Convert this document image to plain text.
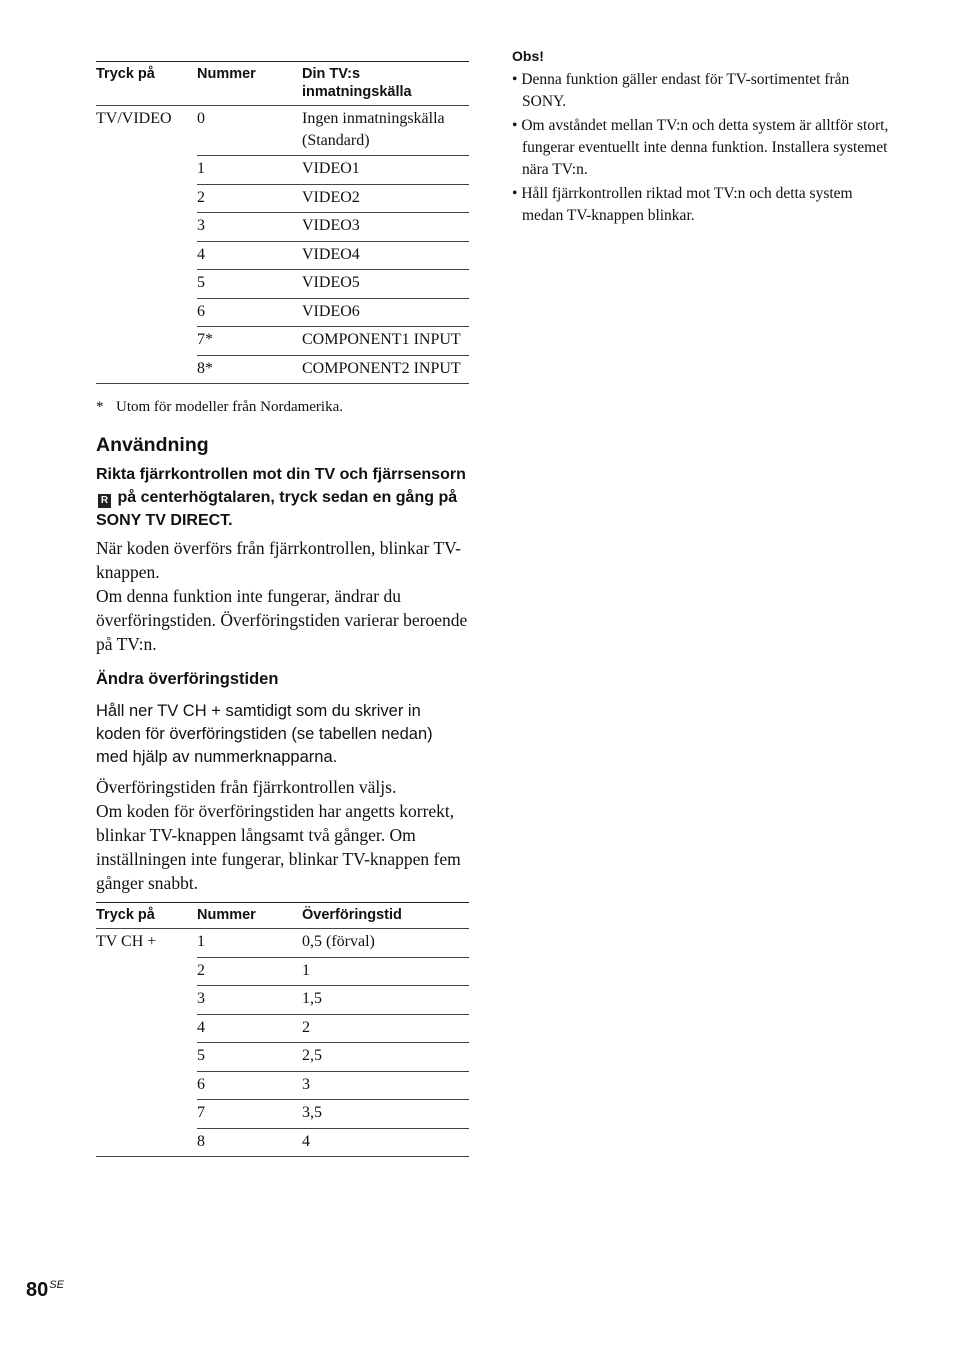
Tryck på	Nummer	Din TV:s inmatningskälla
TV/VIDEO	0	Ingen inmatningskälla (Standard)
	1	VIDEO1
	2	VIDEO2
	3	VIDEO3
	4	VIDEO4
	5	VIDEO5
	6	VIDEO6
	7*	COMPONENT1 INPUT
	8*	COMPONENT2 INPUT
* Utom för modeller från Nordamerika.
Användning
Rikta fjärrkontrollen mot din TV och fjärrsensorn R på centerhögtalaren, tryck sedan en gång på SONY TV DIRECT.

När koden överförs från fjärrkontrollen, blinkar TV-knappen.

Om denna funktion inte fungerar, ändrar du överföringstiden. Överföringstiden varierar beroende på TV:n.

Ändra överföringstiden

Håll ner TV CH + samtidigt som du skriver in koden för överföringstiden (se tabellen nedan) med hjälp av nummerknapparna.

Överföringstiden från fjärrkontrollen väljs.

Om koden för överföringstiden har angetts korrekt, blinkar TV-knappen långsamt två gånger. Om inställningen inte fungerar, blinkar TV-knappen fem gånger snabbt.

Tryck på	Nummer	Överföringstid
TV CH +	1	0,5 (förval)
	2	1
	3	1,5
	4	2
	5	2,5
	6	3
	7	3,5
	8	4
Obs!
• Denna funktion gäller endast för TV-sortimentet från SONY.
• Om avståndet mellan TV:n och detta system är alltför stort, fungerar eventuellt inte denna funktion. Installera systemet nära TV:n.
• Håll fjärrkontrollen riktad mot TV:n och detta system medan TV-knappen blinkar.
$80^{SE}$
